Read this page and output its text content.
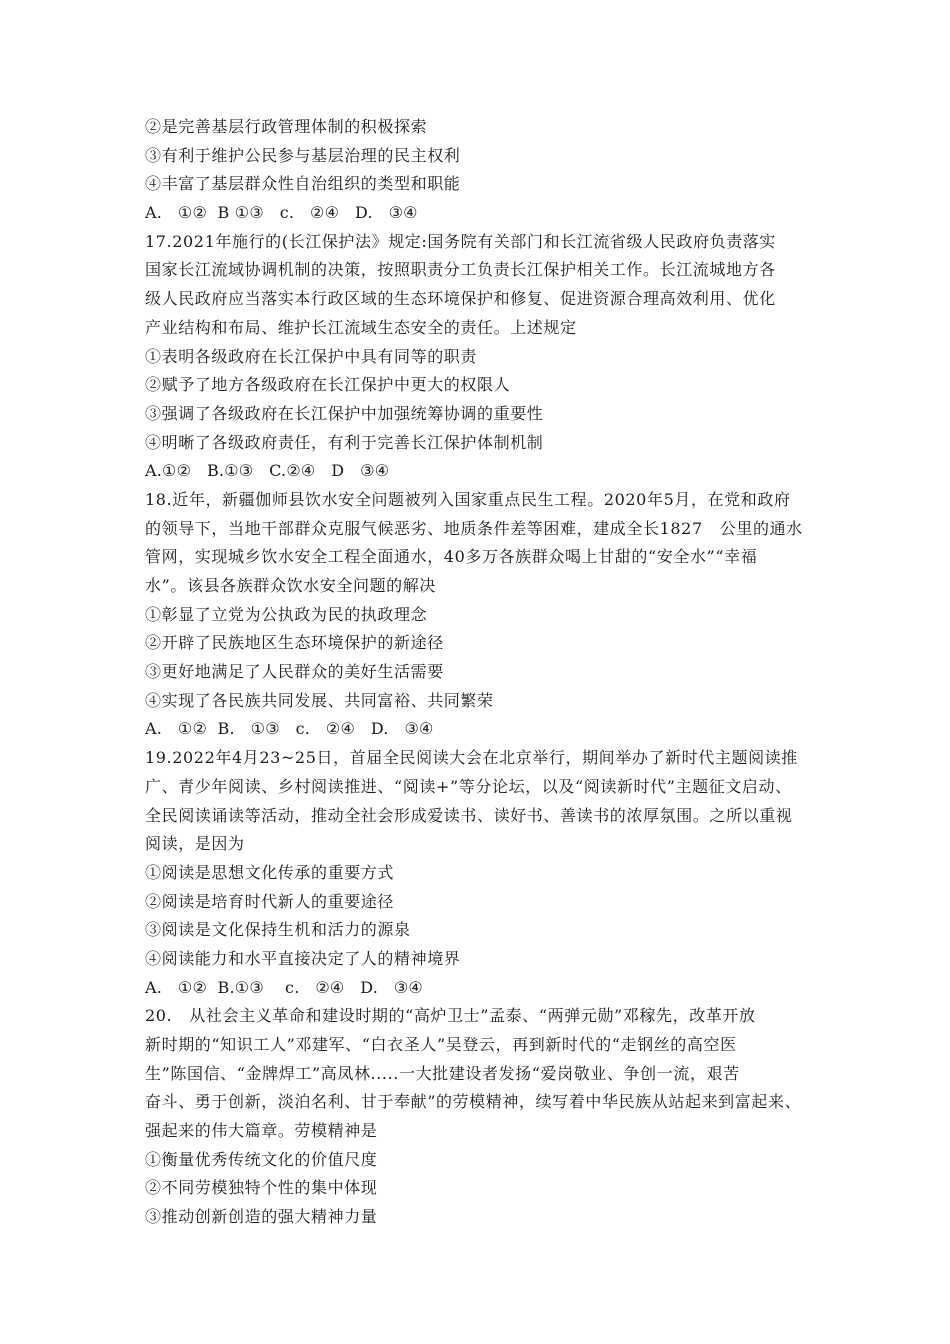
②是完善基层行政管理体制的积极探索
③有利于维护公民参与基层治理的民主权利
④丰富了基层群众性自治组织的类型和职能
A.   ①②  B ①③   c.   ②④   D.   ③④
17.2021年施行的(长江保护法》规定:国务院有关部门和长江流省级人民政府负责落实
国家长江流域协调机制的决策，按照职责分工负责长江保护相关工作。长江流城地方各
级人民政府应当落实本行政区域的生态环境保护和修复、促进资源合理高效利用、优化
产业结构和布局、维护长江流域生态安全的责任。上述规定
①表明各级政府在长江保护中具有同等的职责
②赋予了地方各级政府在长江保护中更大的权限人
③强调了各级政府在长江保护中加强统筹协调的重要性
④明晰了各级政府责任，有利于完善长江保护体制机制
A.①②   B.①③   C.②④   D   ③④
18.近年，新疆伽师县饮水安全问题被列入国家重点民生工程。2020年5月，在党和政府
的领导下，当地干部群众克服气候恶劣、地质条件差等困难，建成全长1827   公里的通水
管网，实现城乡饮水安全工程全面通水，40多万各族群众喝上甘甜的“安全水”“幸福
水”。该县各族群众饮水安全问题的解决
①彰显了立党为公执政为民的执政理念
②开辟了民族地区生态环境保护的新途径
③更好地满足了人民群众的美好生活需要
④实现了各民族共同发展、共同富裕、共同繁荣
A.   ①②  B.   ①③   c.   ②④   D.   ③④
19.2022年4月23~25日，首届全民阅读大会在北京举行，期间举办了新时代主题阅读推
广、青少年阅读、乡村阅读推进、“阅读+”等分论坛，以及“阅读新时代”主题征文启动、
全民阅读诵读等活动，推动全社会形成爱读书、读好书、善读书的浓厚氛围。之所以重视
阅读，是因为
①阅读是思想文化传承的重要方式
②阅读是培育时代新人的重要途径
③阅读是文化保持生机和活力的源泉
④阅读能力和水平直接决定了人的精神境界
A.   ①②  B.①③    c.   ②④   D.   ③④
20.   从社会主义革命和建设时期的“高炉卫士”孟泰、“两弹元勋”邓稼先，改革开放
新时期的“知识工人”邓建军、“白衣圣人”吴登云，再到新时代的“走钢丝的高空医
生”陈国信、“金牌焊工”高凤林.....一大批建设者发扬“爱岗敬业、争创一流，艰苦
奋斗、勇于创新，淡泊名利、甘于奉献”的劳模精神，续写着中华民族从站起来到富起来、
强起来的伟大篇章。劳模精神是
①衡量优秀传统文化的价值尺度
②不同劳模独特个性的集中体现
③推动创新创造的强大精神力量
